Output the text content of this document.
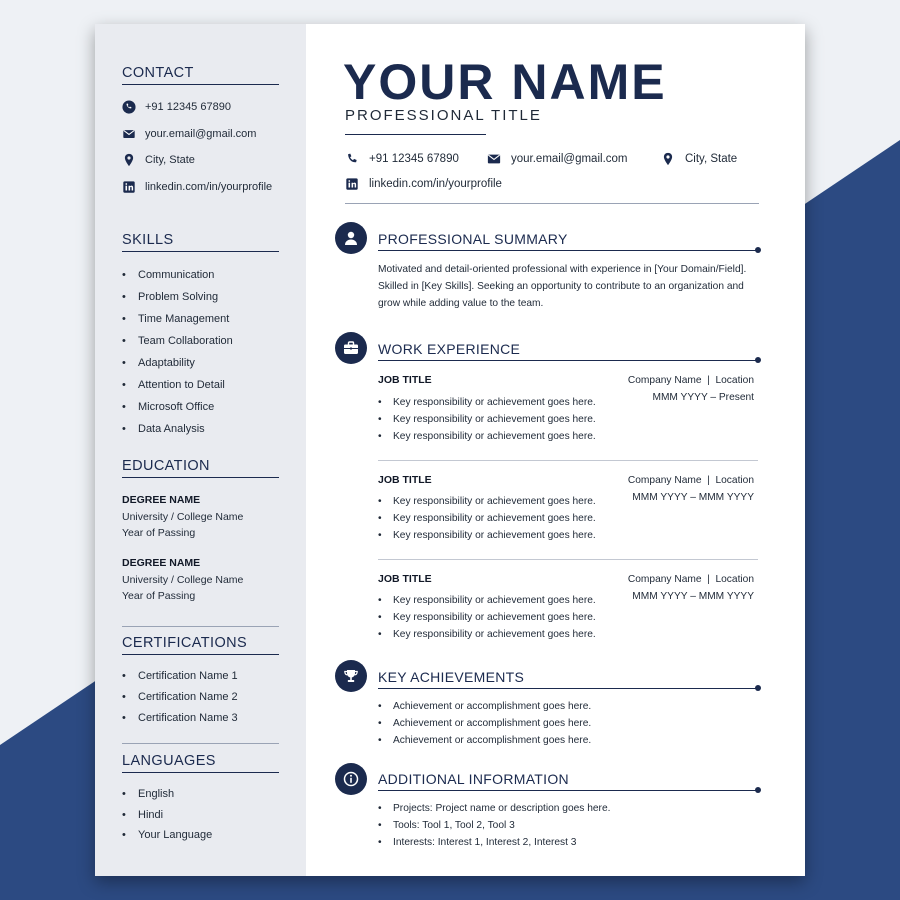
CONTACT
+91 12345 67890
your.email@gmail.com
City, State
linkedin.com/in/yourprofile
SKILLS
• Communication
• Problem Solving
• Time Management
• Team Collaboration
• Adaptability
• Attention to Detail
• Microsoft Office
• Data Analysis
EDUCATION
DEGREE NAME
University / College Name
Year of Passing
DEGREE NAME
University / College Name
Year of Passing
CERTIFICATIONS
• Certification Name 1
• Certification Name 2
• Certification Name 3
LANGUAGES
• English
• Hindi
• Your Language
YOUR NAME
PROFESSIONAL TITLE
+91 12345 67890	your.email@gmail.com	City, State
linkedin.com/in/yourprofile
PROFESSIONAL SUMMARY
Motivated and detail-oriented professional with experience in [Your Domain/Field]. Skilled in [Key Skills]. Seeking an opportunity to contribute to an organization and grow while adding value to the team.
WORK EXPERIENCE
JOB TITLE	Company Name  |  Location
MMM YYYY – Present
• Key responsibility or achievement goes here.
• Key responsibility or achievement goes here.
• Key responsibility or achievement goes here.
JOB TITLE	Company Name  |  Location
MMM YYYY – MMM YYYY
• Key responsibility or achievement goes here.
• Key responsibility or achievement goes here.
• Key responsibility or achievement goes here.
JOB TITLE	Company Name  |  Location
MMM YYYY – MMM YYYY
• Key responsibility or achievement goes here.
• Key responsibility or achievement goes here.
• Key responsibility or achievement goes here.
KEY ACHIEVEMENTS
• Achievement or accomplishment goes here.
• Achievement or accomplishment goes here.
• Achievement or accomplishment goes here.
ADDITIONAL INFORMATION
• Projects: Project name or description goes here.
• Tools: Tool 1, Tool 2, Tool 3
• Interests: Interest 1, Interest 2, Interest 3
